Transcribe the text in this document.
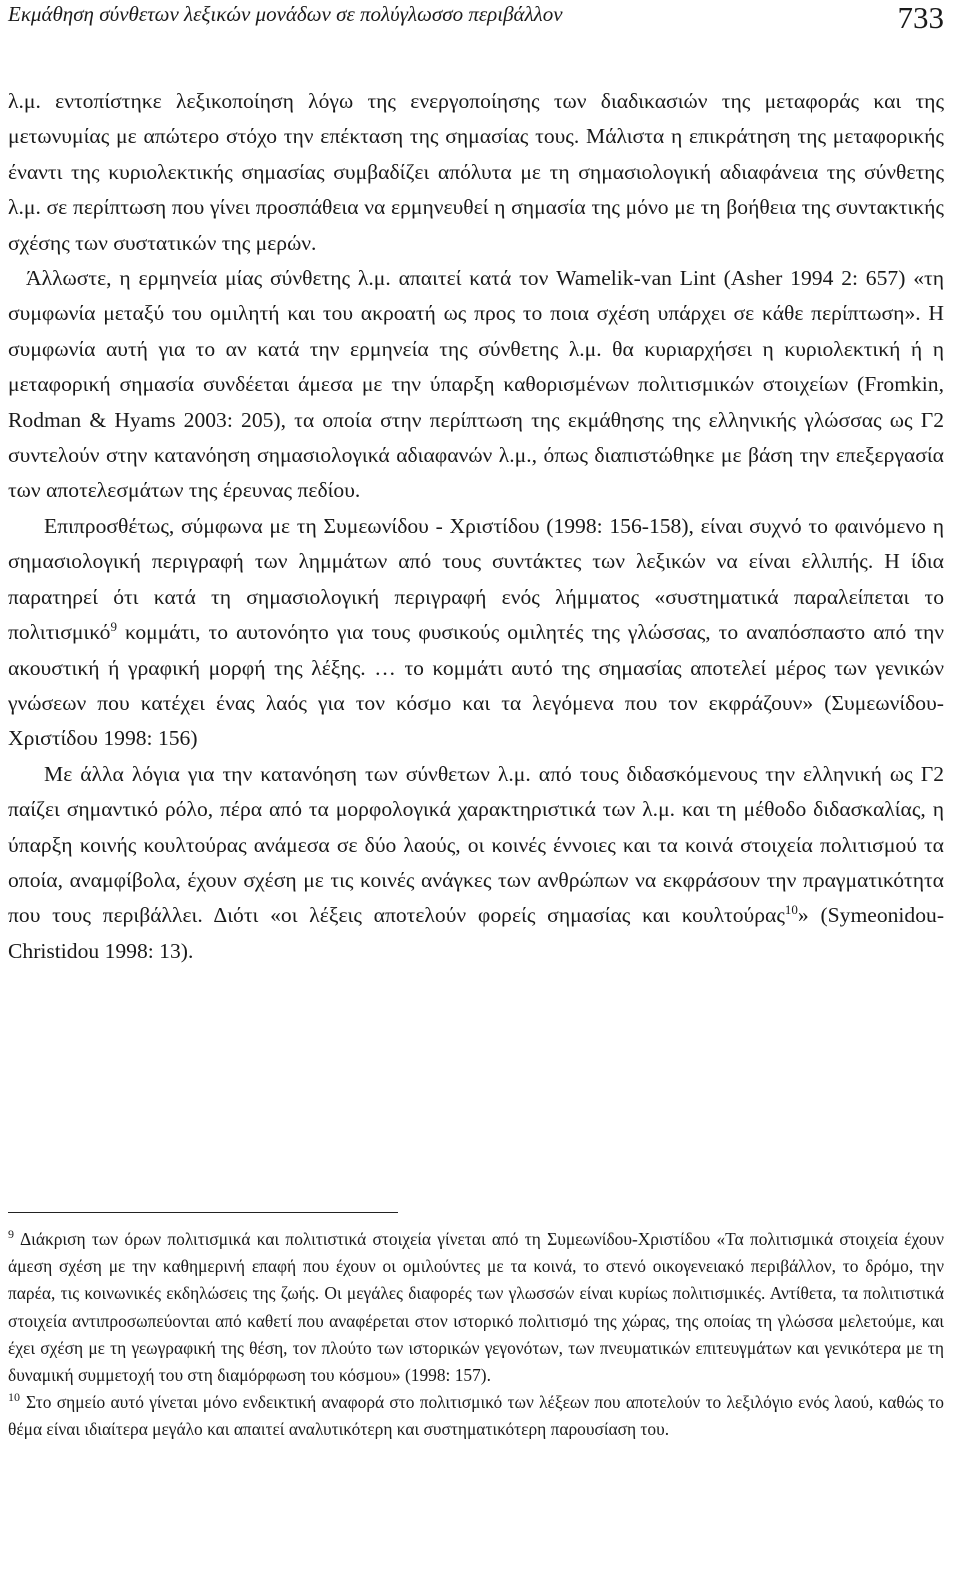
Εκμάθηση σύνθετων λεξικών μονάδων σε πολύγλωσσο περιβάλλον	733

λ.μ. εντοπίστηκε λεξικοποίηση λόγω της ενεργοποίησης των διαδικασιών της μεταφοράς και της μετωνυμίας με απώτερο στόχο την επέκταση της σημασίας τους. Μάλιστα η επικράτηση της μεταφορικής έναντι της κυριολεκτικής σημασίας συμβαδίζει απόλυτα με τη σημασιολογική αδιαφάνεια της σύνθετης λ.μ. σε περίπτωση που γίνει προσπάθεια να ερμηνευθεί η σημασία της μόνο με τη βοήθεια της συντακτικής σχέσης των συστατικών της μερών.

Άλλωστε, η ερμηνεία μίας σύνθετης λ.μ. απαιτεί κατά τον Wamelik-van Lint (Asher 1994 2: 657) «τη συμφωνία μεταξύ του ομιλητή και του ακροατή ως προς το ποια σχέση υπάρχει σε κάθε περίπτωση». Η συμφωνία αυτή για το αν κατά την ερμηνεία της σύνθετης λ.μ. θα κυριαρχήσει η κυριολεκτική ή η μεταφορική σημασία συνδέεται άμεσα με την ύπαρξη καθορισμένων πολιτισμικών στοιχείων (Fromkin, Rodman & Hyams 2003: 205), τα οποία στην περίπτωση της εκμάθησης της ελληνικής γλώσσας ως Γ2 συντελούν στην κατανόηση σημασιολογικά αδιαφανών λ.μ., όπως διαπιστώθηκε με βάση την επεξεργασία των αποτελεσμάτων της έρευνας πεδίου.

Επιπροσθέτως, σύμφωνα με τη Συμεωνίδου - Χριστίδου (1998: 156-158), είναι συχνό το φαινόμενο η σημασιολογική περιγραφή των λημμάτων από τους συντάκτες των λεξικών να είναι ελλιπής. Η ίδια παρατηρεί ότι κατά τη σημασιολογική περιγραφή ενός λήμματος «συστηματικά παραλείπεται το πολιτισμικό$^9$ κομμάτι, το αυτονόητο για τους φυσικούς ομιλητές της γλώσσας, το αναπόσπαστο από την ακουστική ή γραφική μορφή της λέξης. … το κομμάτι αυτό της σημασίας αποτελεί μέρος των γενικών γνώσεων που κατέχει ένας λαός για τον κόσμο και τα λεγόμενα που τον εκφράζουν» (Συμεωνίδου-Χριστίδου 1998: 156)

Με άλλα λόγια για την κατανόηση των σύνθετων λ.μ. από τους διδασκόμενους την ελληνική ως Γ2 παίζει σημαντικό ρόλο, πέρα από τα μορφολογικά χαρακτηριστικά των λ.μ. και τη μέθοδο διδασκαλίας, η ύπαρξη κοινής κουλτούρας ανάμεσα σε δύο λαούς, οι κοινές έννοιες και τα κοινά στοιχεία πολιτισμού τα οποία, αναμφίβολα, έχουν σχέση με τις κοινές ανάγκες των ανθρώπων να εκφράσουν την πραγματικότητα που τους περιβάλλει. Διότι «οι λέξεις αποτελούν φορείς σημασίας και κουλτούρας$^{10}$» (Symeonidou-Christidou 1998: 13).

$^9$ Διάκριση των όρων πολιτισμικά και πολιτιστικά στοιχεία γίνεται από τη Συμεωνίδου-Χριστίδου «Τα πολιτισμικά στοιχεία έχουν άμεση σχέση με την καθημερινή επαφή που έχουν οι ομιλούντες με τα κοινά, το στενό οικογενειακό περιβάλλον, το δρόμο, την παρέα, τις κοινωνικές εκδηλώσεις της ζωής. Οι μεγάλες διαφορές των γλωσσών είναι κυρίως πολιτισμικές. Αντίθετα, τα πολιτιστικά στοιχεία αντιπροσωπεύονται από καθετί που αναφέρεται στον ιστορικό πολιτισμό της χώρας, της οποίας τη γλώσσα μελετούμε, και έχει σχέση με τη γεωγραφική της θέση, τον πλούτο των ιστορικών γεγονότων, των πνευματικών επιτευγμάτων και γενικότερα με τη δυναμική συμμετοχή του στη διαμόρφωση του κόσμου» (1998: 157).

$^{10}$ Στο σημείο αυτό γίνεται μόνο ενδεικτική αναφορά στο πολιτισμικό των λέξεων που αποτελούν το λεξιλόγιο ενός λαού, καθώς το θέμα είναι ιδιαίτερα μεγάλο και απαιτεί αναλυτικότερη και συστηματικότερη παρουσίαση του.
